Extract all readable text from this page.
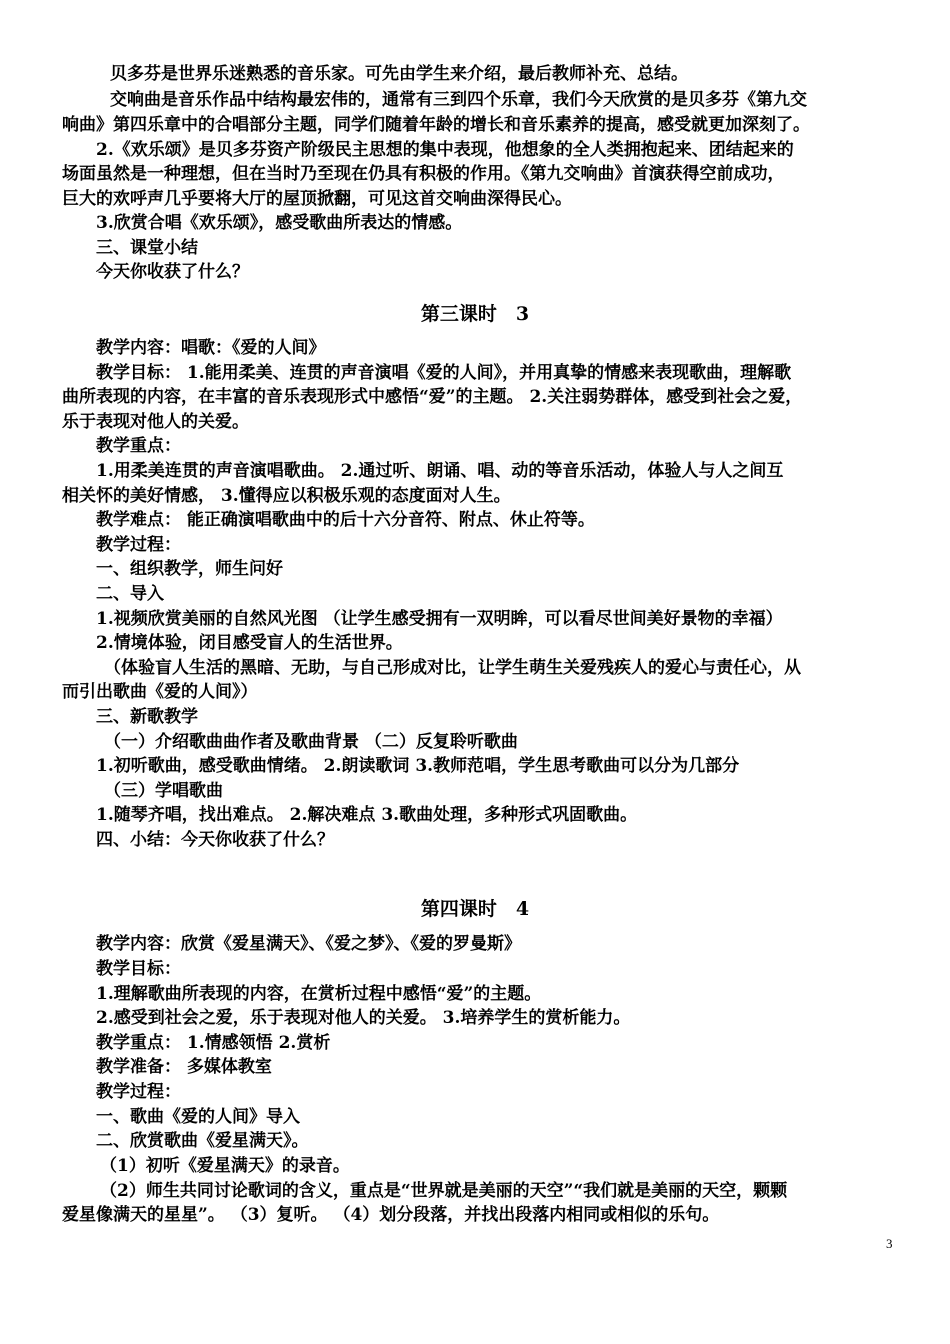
贝多芬是世界乐迷熟悉的音乐家。可先由学生来介绍，最后教师补充、总结。
交响曲是音乐作品中结构最宏伟的，通常有三到四个乐章，我们今天欣赏的是贝多芬《第九交
响曲》第四乐章中的合唱部分主题，同学们随着年龄的增长和音乐素养的提高，感受就更加深刻了。
2.《欢乐颂》是贝多芬资产阶级民主思想的集中表现，他想象的全人类拥抱起来、团结起来的
场面虽然是一种理想，但在当时乃至现在仍具有积极的作用。《第九交响曲》首演获得空前成功，
巨大的欢呼声几乎要将大厅的屋顶掀翻，可见这首交响曲深得民心。
3.欣赏合唱《欢乐颂》，感受歌曲所表达的情感。
三、课堂小结
今天你收获了什么？
第三课时　3
教学内容：唱歌：《爱的人间》
教学目标： 1.能用柔美、连贯的声音演唱《爱的人间》，并用真挚的情感来表现歌曲，理解歌
曲所表现的内容，在丰富的音乐表现形式中感悟“爱”的主题。 2.关注弱势群体，感受到社会之爱，
乐于表现对他人的关爱。
教学重点：
1.用柔美连贯的声音演唱歌曲。 2.通过听、朗诵、唱、动的等音乐活动，体验人与人之间互
相关怀的美好情感， 3.懂得应以积极乐观的态度面对人生。
教学难点： 能正确演唱歌曲中的后十六分音符、附点、休止符等。
教学过程：
一、组织教学，师生问好
二、导入
1.视频欣赏美丽的自然风光图 （让学生感受拥有一双明眸，可以看尽世间美好景物的幸福）
2.情境体验，闭目感受盲人的生活世界。
（体验盲人生活的黑暗、无助，与自己形成对比，让学生萌生关爱残疾人的爱心与责任心，从
而引出歌曲《爱的人间》）
三、新歌教学
（一）介绍歌曲曲作者及歌曲背景 （二）反复聆听歌曲
1.初听歌曲，感受歌曲情绪。 2.朗读歌词 3.教师范唱，学生思考歌曲可以分为几部分
（三）学唱歌曲
1.随琴齐唱，找出难点。 2.解决难点 3.歌曲处理，多种形式巩固歌曲。
四、小结：今天你收获了什么？
第四课时　4
教学内容：欣赏《爱星满天》、《爱之梦》、《爱的罗曼斯》
教学目标：
1.理解歌曲所表现的内容，在赏析过程中感悟“爱”的主题。
2.感受到社会之爱，乐于表现对他人的关爱。 3.培养学生的赏析能力。
教学重点： 1.情感领悟 2.赏析
教学准备： 多媒体教室
教学过程：
一、歌曲《爱的人间》导入
二、欣赏歌曲《爱星满天》。
（1）初听《爱星满天》的录音。
（2）师生共同讨论歌词的含义，重点是“世界就是美丽的天空”“我们就是美丽的天空，颗颗
爱星像满天的星星”。 （3）复听。 （4）划分段落，并找出段落内相同或相似的乐句。
3
